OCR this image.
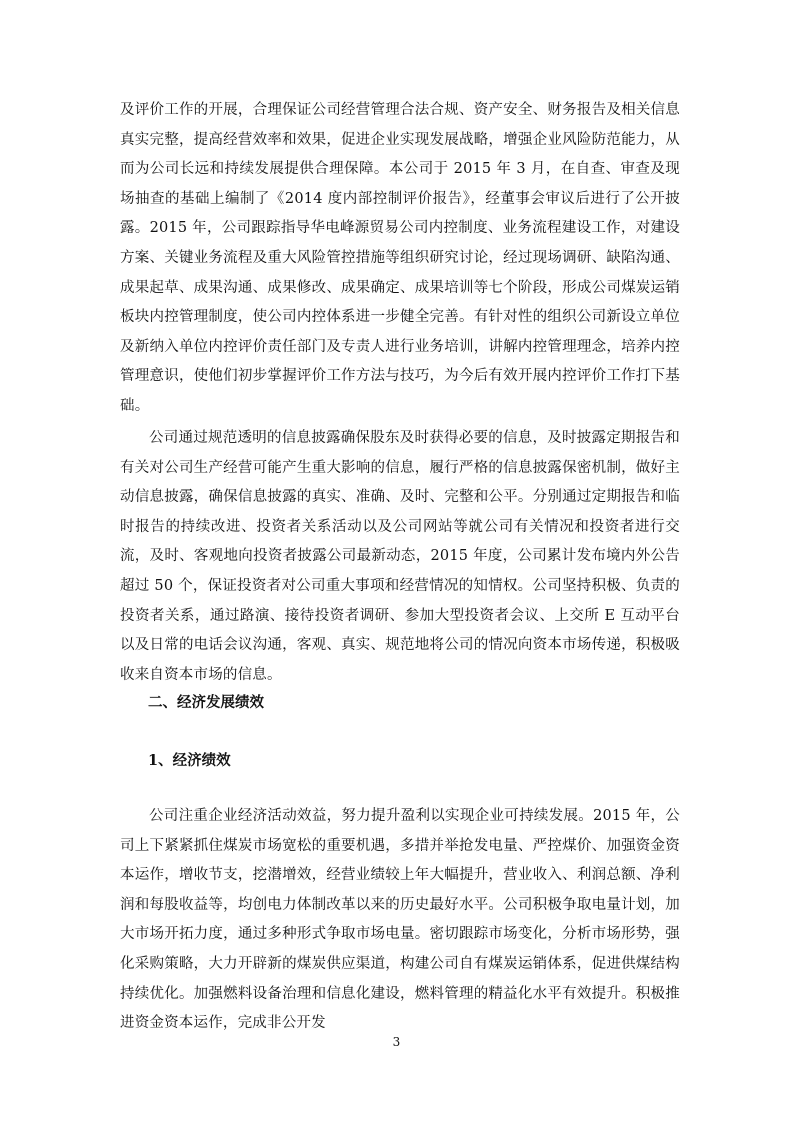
及评价工作的开展，合理保证公司经营管理合法合规、资产安全、财务报告及相关信息真实完整，提高经营效率和效果，促进企业实现发展战略，增强企业风险防范能力，从而为公司长远和持续发展提供合理保障。本公司于 2015 年 3 月，在自查、审查及现场抽查的基础上编制了《2014 度内部控制评价报告》，经董事会审议后进行了公开披露。2015 年，公司跟踪指导华电峰源贸易公司内控制度、业务流程建设工作，对建设方案、关键业务流程及重大风险管控措施等组织研究讨论，经过现场调研、缺陷沟通、成果起草、成果沟通、成果修改、成果确定、成果培训等七个阶段，形成公司煤炭运销板块内控管理制度，使公司内控体系进一步健全完善。有针对性的组织公司新设立单位及新纳入单位内控评价责任部门及专责人进行业务培训，讲解内控管理理念，培养内控管理意识，使他们初步掌握评价工作方法与技巧，为今后有效开展内控评价工作打下基础。

公司通过规范透明的信息披露确保股东及时获得必要的信息，及时披露定期报告和有关对公司生产经营可能产生重大影响的信息，履行严格的信息披露保密机制，做好主动信息披露，确保信息披露的真实、准确、及时、完整和公平。分别通过定期报告和临时报告的持续改进、投资者关系活动以及公司网站等就公司有关情况和投资者进行交流，及时、客观地向投资者披露公司最新动态，2015 年度，公司累计发布境内外公告超过 50 个，保证投资者对公司重大事项和经营情况的知情权。公司坚持积极、负责的投资者关系，通过路演、接待投资者调研、参加大型投资者会议、上交所 E 互动平台以及日常的电话会议沟通，客观、真实、规范地将公司的情况向资本市场传递，积极吸收来自资本市场的信息。

二、经济发展绩效
1、经济绩效

公司注重企业经济活动效益，努力提升盈利以实现企业可持续发展。2015 年，公司上下紧紧抓住煤炭市场宽松的重要机遇，多措并举抢发电量、严控煤价、加强资金资本运作，增收节支，挖潜增效，经营业绩较上年大幅提升，营业收入、利润总额、净利润和每股收益等，均创电力体制改革以来的历史最好水平。公司积极争取电量计划，加大市场开拓力度，通过多种形式争取市场电量。密切跟踪市场变化，分析市场形势，强化采购策略，大力开辟新的煤炭供应渠道，构建公司自有煤炭运销体系，促进供煤结构持续优化。加强燃料设备治理和信息化建设，燃料管理的精益化水平有效提升。积极推进资金资本运作，完成非公开发

3
